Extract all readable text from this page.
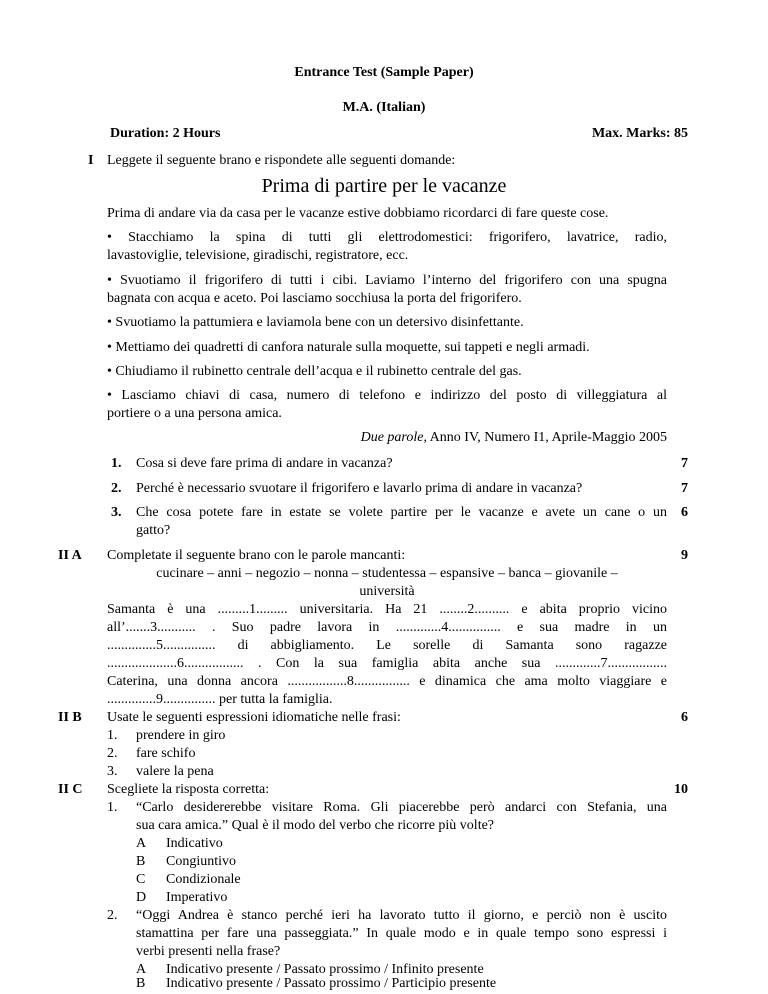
Entrance Test (Sample Paper)
M.A. (Italian)
Duration: 2 Hours	Max. Marks: 85
I Leggete il seguente brano e rispondete alle seguenti domande:
Prima di partire per le vacanze
Prima di andare via da casa per le vacanze estive dobbiamo ricordarci di fare queste cose.
• Stacchiamo la spina di tutti gli elettrodomestici: frigorifero, lavatrice, radio,
lavastoviglie, televisione, giradischi, registratore, ecc.
• Svuotiamo il frigorifero di tutti i cibi. Laviamo l’interno del frigorifero con una spugna
bagnata con acqua e aceto. Poi lasciamo socchiusa la porta del frigorifero.
• Svuotiamo la pattumiera e laviamola bene con un detersivo disinfettante.
• Mettiamo dei quadretti di canfora naturale sulla moquette, sui tappeti e negli armadi.
• Chiudiamo il rubinetto centrale dell’acqua e il rubinetto centrale del gas.
• Lasciamo chiavi di casa, numero di telefono e indirizzo del posto di villeggiatura al
portiere o a una persona amica.
Due parole, Anno IV, Numero I1, Aprile-Maggio 2005
1. Cosa si deve fare prima di andare in vacanza?	7
2. Perché è necessario svuotare il frigorifero e lavarlo prima di andare in vacanza?	7
3. Che cosa potete fare in estate se volete partire per le vacanze e avete un cane o un
gatto?
6
II A Completate il seguente brano con le parole mancanti:	9
cucinare – anni – negozio – nonna – studentessa – espansive – banca – giovanile –
università
Samanta è una .........1......... universitaria. Ha 21 ........2.......... e abita proprio vicino
all’.......3........... . Suo padre lavora in .............4............... e sua madre in un
..............5............... di abbigliamento. Le sorelle di Samanta sono ragazze
....................6................. . Con la sua famiglia abita anche sua .............7.................
Caterina, una donna ancora .................8................ e dinamica che ama molto viaggiare e
..............9............... per tutta la famiglia.
II B Usate le seguenti espressioni idiomatiche nelle frasi:	6
1. prendere in giro
2. fare schifo
3. valere la pena
II C Scegliete la risposta corretta:	10
1. “Carlo desidererebbe visitare Roma. Gli piacerebbe però andarci con Stefania, una
sua cara amica.” Qual è il modo del verbo che ricorre più volte?
A Indicativo
B Congiuntivo
C Condizionale
D Imperativo
2. “Oggi Andrea è stanco perché ieri ha lavorato tutto il giorno, e perciò non è uscito
stamattina per fare una passeggiata.” In quale modo e in quale tempo sono espressi i
verbi presenti nella frase?
A Indicativo presente / Passato prossimo / Infinito presente
B Indicativo presente / Passato prossimo / Participio presente
